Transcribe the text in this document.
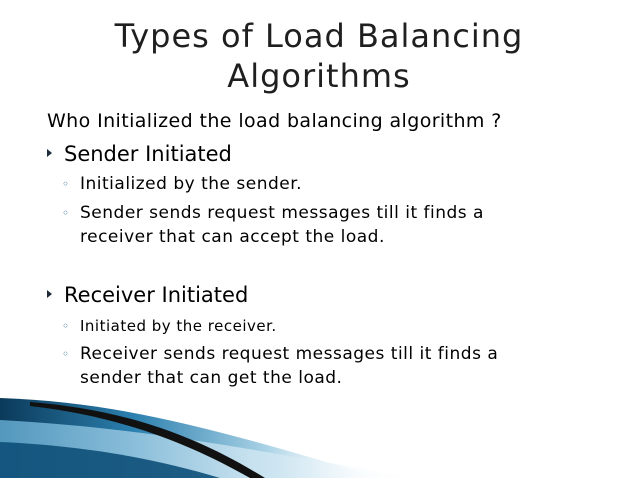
Types of Load Balancing
Algorithms
Who Initialized the load balancing algorithm ?
Sender Initiated
◦ Initialized by the sender.
◦ Sender sends request messages till it finds a
receiver that can accept the load.
Receiver Initiated
◦ Initiated by the receiver.
◦ Receiver sends request messages till it finds a
sender that can get the load.
